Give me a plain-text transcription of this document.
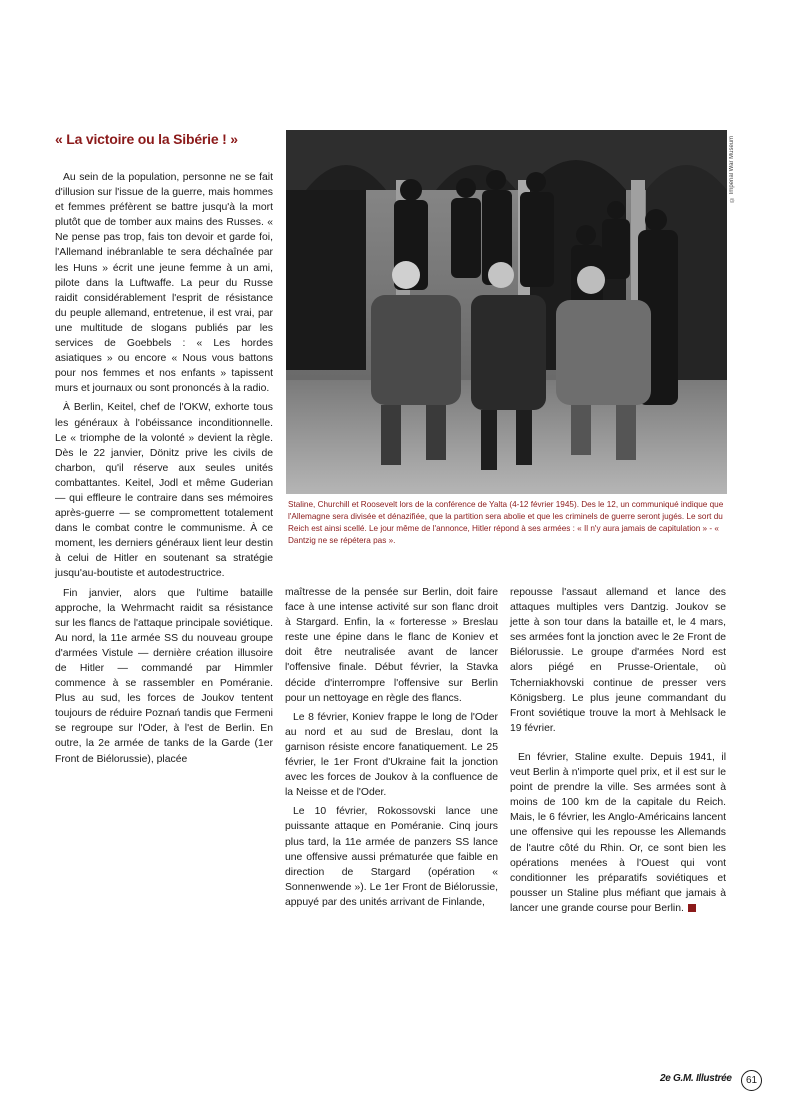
« La victoire ou la Sibérie ! »

Au sein de la population, personne ne se fait d'illusion sur l'issue de la guerre, mais hommes et femmes préfèrent se battre jusqu'à la mort plutôt que de tomber aux mains des Russes. « Ne pense pas trop, fais ton devoir et garde foi, l'Allemand inébranlable te sera déchaînée par les Huns » écrit une jeune femme à un ami, pilote dans la Luftwaffe. La peur du Russe raidit considérablement l'esprit de résistance du peuple allemand, entretenue, il est vrai, par une multitude de slogans publiés par les services de Goebbels : « Les hordes asiatiques » ou encore « Nous vous battons pour nos femmes et nos enfants » tapissent murs et journaux ou sont prononcés à la radio.

À Berlin, Keitel, chef de l'OKW, exhorte tous les généraux à l'obéissance inconditionnelle. Le « triomphe de la volonté » devient la règle. Dès le 22 janvier, Dönitz prive les civils de charbon, qu'il réserve aux seules unités combattantes. Keitel, Jodl et même Guderian — qui effleure le contraire dans ses mémoires après-guerre — se compromettent totalement dans le combat contre le communisme. À ce moment, les derniers généraux lient leur destin à celui de Hitler en soutenant sa stratégie jusqu'au-boutiste et autodestructrice.

Fin janvier, alors que l'ultime bataille approche, la Wehrmacht raidit sa résistance sur les flancs de l'attaque principale soviétique. Au nord, la 11e armée SS du nouveau groupe d'armées Vistule — dernière création illusoire de Hitler — commandé par Himmler commence à se rassembler en Poméranie. Plus au sud, les forces de Joukov tentent toujours de réduire Poznań tandis que Fermeni se regroupe sur l'Oder, à l'est de Berlin. En outre, la 2e armée de tanks de la Garde (1er Front de Biélorussie), placée

© Imperial War Museum
Staline, Churchill et Roosevelt lors de la conférence de Yalta (4-12 février 1945). Des le 12, un communiqué indique que l'Allemagne sera divisée et dénazifiée, que la partition sera abolie et que les criminels de guerre seront jugés. Le sort du Reich est ainsi scellé. Le jour même de l'annonce, Hitler répond à ses armées : « Il n'y aura jamais de capitulation » - « Dantzig ne se répétera pas ».

maîtresse de la pensée sur Berlin, doit faire face à une intense activité sur son flanc droit à Stargard. Enfin, la « forteresse » Breslau reste une épine dans le flanc de Koniev et doit être neutralisée avant de lancer l'offensive finale. Début février, la Stavka décide d'interrompre l'offensive sur Berlin pour un nettoyage en règle des flancs.

Le 8 février, Koniev frappe le long de l'Oder au nord et au sud de Breslau, dont la garnison résiste encore fanatiquement. Le 25 février, le 1er Front d'Ukraine fait la jonction avec les forces de Joukov à la confluence de la Neisse et de l'Oder.

Le 10 février, Rokossovski lance une puissante attaque en Poméranie. Cinq jours plus tard, la 11e armée de panzers SS lance une offensive aussi prématurée que faible en direction de Stargard (opération « Sonnenwende »). Le 1er Front de Biélorussie, appuyé par des unités arrivant de Finlande,

repousse l'assaut allemand et lance des attaques multiples vers Dantzig. Joukov se jette à son tour dans la bataille et, le 4 mars, ses armées font la jonction avec le 2e Front de Biélorussie. Le groupe d'armées Nord est alors piégé en Prusse-Orientale, où Tcherniakhovski continue de presser vers Königsberg. Le plus jeune commandant du Front soviétique trouve la mort à Mehlsack le 19 février.

En février, Staline exulte. Depuis 1941, il veut Berlin à n'importe quel prix, et il est sur le point de prendre la ville. Ses armées sont à moins de 100 km de la capitale du Reich. Mais, le 6 février, les Anglo-Américains lancent une offensive qui les repousse les Allemands de l'autre côté du Rhin. Or, ce sont bien les opérations menées à l'Ouest qui vont conditionner les préparatifs soviétiques et pousser un Staline plus méfiant que jamais à lancer une grande course pour Berlin.

2e G.M. Illustrée	61
